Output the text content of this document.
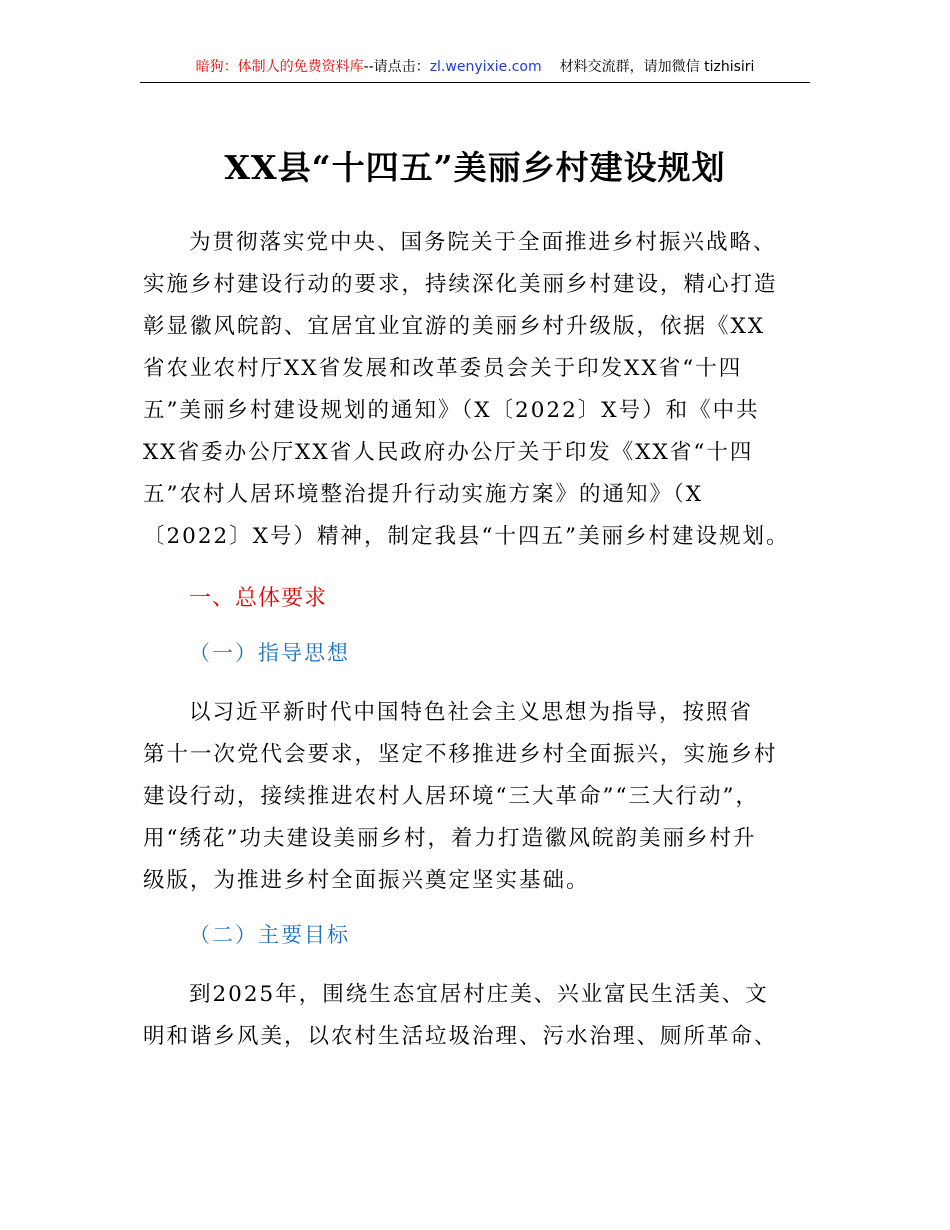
暗狗：体制人的免费资料库--请点击：zl.wenyixie.com 材料交流群，请加微信 tizhisiri
XX县“十四五”美丽乡村建设规划
为贯彻落实党中央、国务院关于全面推进乡村振兴战略、
实施乡村建设行动的要求，持续深化美丽乡村建设，精心打造
彰显徽风皖韵、宜居宜业宜游的美丽乡村升级版，依据《XX
省农业农村厅XX省发展和改革委员会关于印发XX省“十四
五”美丽乡村建设规划的通知》（X〔2022〕X号）和《中共
XX省委办公厅XX省人民政府办公厅关于印发《XX省“十四
五”农村人居环境整治提升行动实施方案》的通知》（X
〔2022〕X号）精神，制定我县“十四五”美丽乡村建设规划。
一、总体要求
（一）指导思想
以习近平新时代中国特色社会主义思想为指导，按照省
第十一次党代会要求，坚定不移推进乡村全面振兴，实施乡村
建设行动，接续推进农村人居环境“三大革命”“三大行动”，
用“绣花”功夫建设美丽乡村，着力打造徽风皖韵美丽乡村升
级版，为推进乡村全面振兴奠定坚实基础。
（二）主要目标
到2025年，围绕生态宜居村庄美、兴业富民生活美、文
明和谐乡风美，以农村生活垃圾治理、污水治理、厕所革命、
